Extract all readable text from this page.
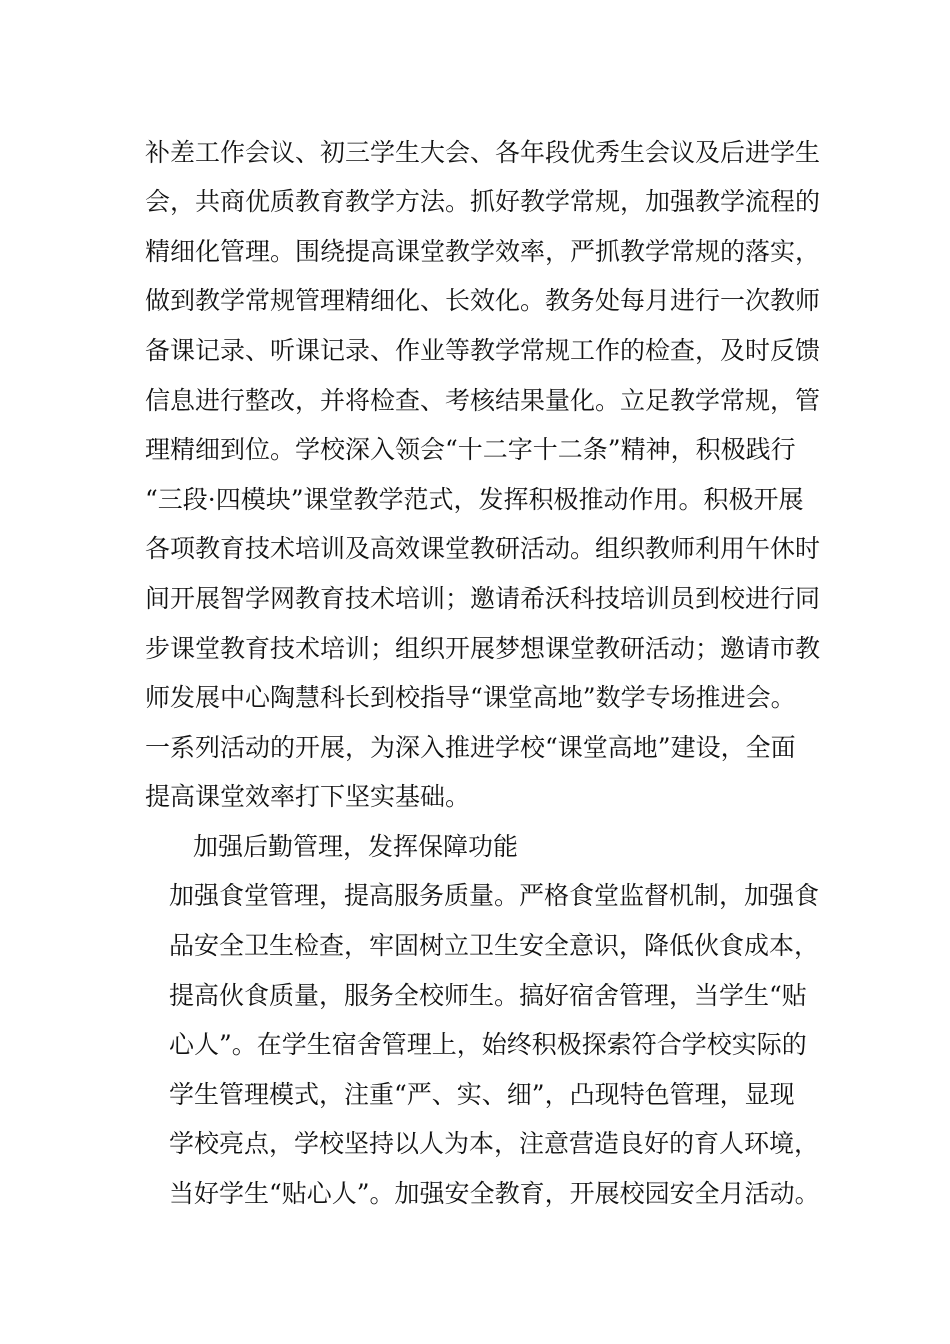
补差工作会议、初三学生大会、各年段优秀生会议及后进学生
会，共商优质教育教学方法。抓好教学常规，加强教学流程的
精细化管理。围绕提高课堂教学效率，严抓教学常规的落实，
做到教学常规管理精细化、长效化。教务处每月进行一次教师
备课记录、听课记录、作业等教学常规工作的检查，及时反馈
信息进行整改，并将检查、考核结果量化。立足教学常规，管
理精细到位。学校深入领会“十二字十二条”精神，积极践行
“三段·四模块”课堂教学范式，发挥积极推动作用。积极开展
各项教育技术培训及高效课堂教研活动。组织教师利用午休时
间开展智学网教育技术培训；邀请希沃科技培训员到校进行同
步课堂教育技术培训；组织开展梦想课堂教研活动；邀请市教
师发展中心陶慧科长到校指导“课堂高地”数学专场推进会。
一系列活动的开展，为深入推进学校“课堂高地”建设，全面
提高课堂效率打下坚实基础。
加强后勤管理，发挥保障功能
加强食堂管理，提高服务质量。严格食堂监督机制，加强食
品安全卫生检查，牢固树立卫生安全意识，降低伙食成本，
提高伙食质量，服务全校师生。搞好宿舍管理，当学生“贴
心人”。在学生宿舍管理上，始终积极探索符合学校实际的
学生管理模式，注重“严、实、细”，凸现特色管理，显现
学校亮点，学校坚持以人为本，注意营造良好的育人环境，
当好学生“贴心人”。加强安全教育，开展校园安全月活动。
